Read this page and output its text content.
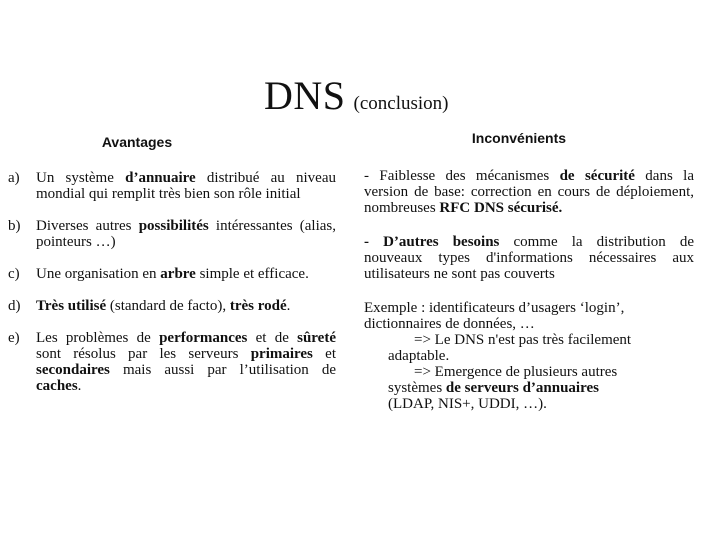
DNS (conclusion)
Avantages
a)	Un système d’annuaire distribué au niveau mondial qui remplit très bien son rôle initial
b)	Diverses autres possibilités intéressantes (alias, pointeurs …)
c)	Une organisation en arbre simple et efficace.
d)	Très utilisé (standard de facto), très rodé.
e)	Les problèmes de performances et de sûreté sont résolus par les serveurs primaires et secondaires mais aussi par l’utilisation de caches.
Inconvénients
- Faiblesse des mécanismes de sécurité dans la version de base: correction en cours de déploiement, nombreuses RFC DNS sécurisé.
- D’autres besoins comme la distribution de nouveaux types d'informations nécessaires aux utilisateurs ne sont pas couverts
Exemple : identificateurs d’usagers ‘login’,
dictionnaires de données, …
=> Le DNS n'est pas très facilement
adaptable.
=> Emergence de plusieurs autres
systèmes de serveurs d’annuaires
(LDAP, NIS+, UDDI, …).
